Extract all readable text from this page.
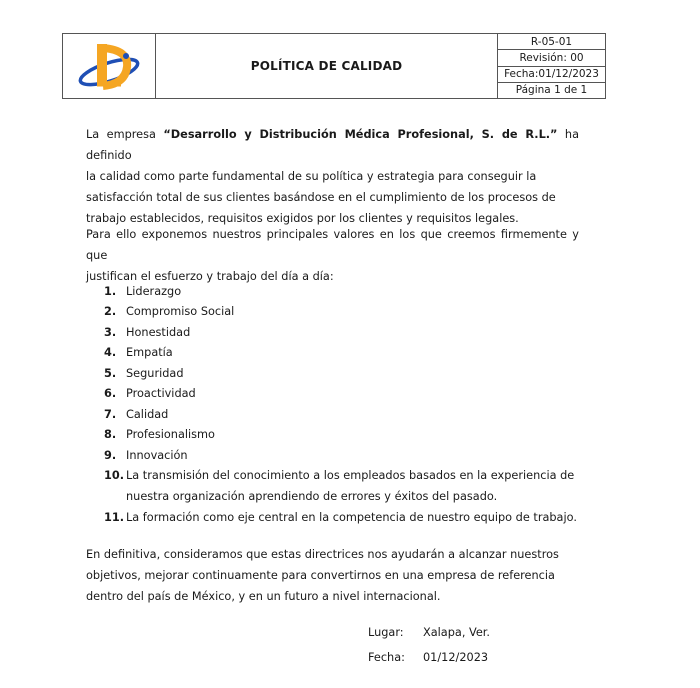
POLÍTICA DE CALIDAD
R-05-01
Revisión: 00
Fecha:01/12/2023
Página 1 de 1
La empresa “Desarrollo y Distribución Médica Profesional, S. de R.L.” ha definido
la calidad como parte fundamental de su política y estrategia para conseguir la
satisfacción total de sus clientes basándose en el cumplimiento de los procesos de
trabajo establecidos, requisitos exigidos por los clientes y requisitos legales.
Para ello exponemos nuestros principales valores en los que creemos firmemente y que
justifican el esfuerzo y trabajo del día a día:
1. Liderazgo
2. Compromiso Social
3. Honestidad
4. Empatía
5. Seguridad
6. Proactividad
7. Calidad
8. Profesionalismo
9. Innovación
10. La transmisión del conocimiento a los empleados basados en la experiencia de
nuestra organización aprendiendo de errores y éxitos del pasado.
11. La formación como eje central en la competencia de nuestro equipo de trabajo.
En definitiva, consideramos que estas directrices nos ayudarán a alcanzar nuestros
objetivos, mejorar continuamente para convertirnos en una empresa de referencia
dentro del país de México, y en un futuro a nivel internacional.
Lugar: Xalapa, Ver.
Fecha: 01/12/2023
